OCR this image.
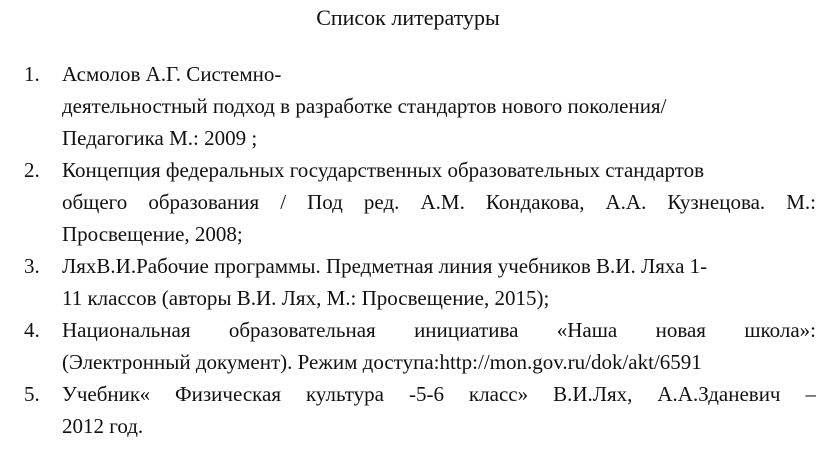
Список литературы
1.	Асмолов А.Г. Системно-
деятельностный подход в разработке стандартов нового поколения/
Педагогика М.: 2009 ;
2.	Концепция федеральных государственных образовательных стандартов
общего образования / Под ред. А.М. Кондакова, А.А. Кузнецова. М.:
Просвещение, 2008;
3.	ЛяхВ.И.Рабочие программы. Предметная линия учебников В.И. Ляха 1-
11 классов (авторы В.И. Лях, М.: Просвещение, 2015);
4.	Национальная образовательная инициатива «Наша новая школа»:
(Электронный документ). Режим доступа:http://mon.gov.ru/dok/akt/6591
5.	Учебник« Физическая культура -5-6 класс» В.И.Лях, А.А.Зданевич –
2012 год.
